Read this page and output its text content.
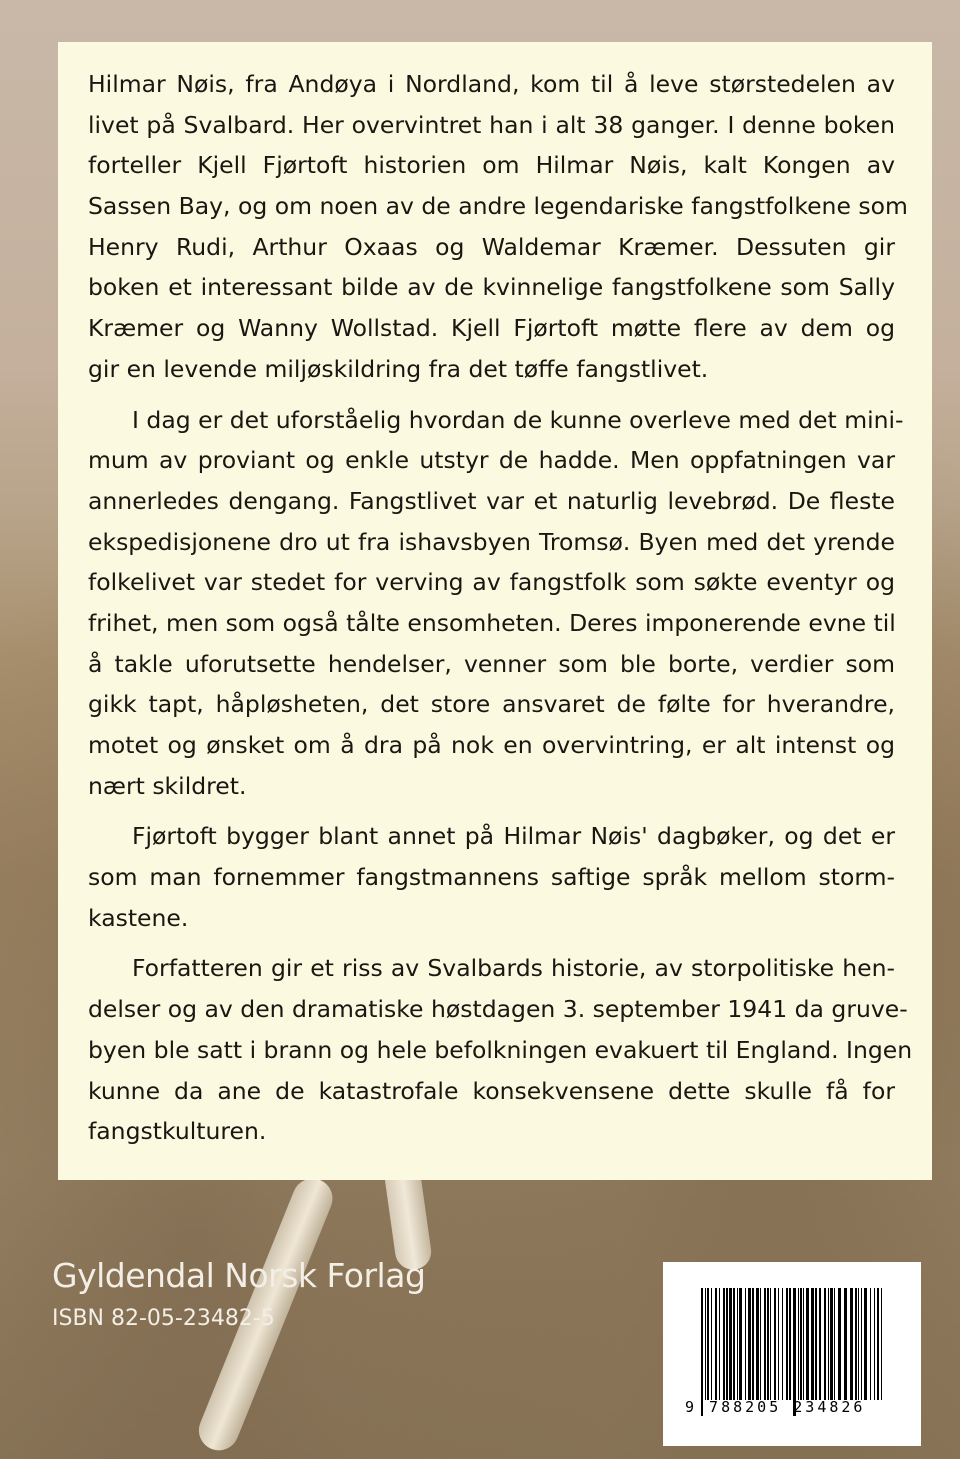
Hilmar Nøis, fra Andøya i Nordland, kom til å leve størstedelen av
livet på Svalbard. Her overvintret han i alt 38 ganger. I denne boken
forteller Kjell Fjørtoft historien om Hilmar Nøis, kalt Kongen av
Sassen Bay, og om noen av de andre legendariske fangstfolkene som
Henry Rudi, Arthur Oxaas og Waldemar Kræmer. Dessuten gir
boken et interessant bilde av de kvinnelige fangstfolkene som Sally
Kræmer og Wanny Wollstad. Kjell Fjørtoft møtte flere av dem og
gir en levende miljøskildring fra det tøffe fangstlivet.
I dag er det uforståelig hvordan de kunne overleve med det mini-
mum av proviant og enkle utstyr de hadde. Men oppfatningen var
annerledes dengang. Fangstlivet var et naturlig levebrød. De fleste
ekspedisjonene dro ut fra ishavsbyen Tromsø. Byen med det yrende
folkelivet var stedet for verving av fangstfolk som søkte eventyr og
frihet, men som også tålte ensomheten. Deres imponerende evne til
å takle uforutsette hendelser, venner som ble borte, verdier som
gikk tapt, håpløsheten, det store ansvaret de følte for hverandre,
motet og ønsket om å dra på nok en overvintring, er alt intenst og
nært skildret.
Fjørtoft bygger blant annet på Hilmar Nøis' dagbøker, og det er
som man fornemmer fangstmannens saftige språk mellom storm-
kastene.
Forfatteren gir et riss av Svalbards historie, av storpolitiske hen-
delser og av den dramatiske høstdagen 3. september 1941 da gruve-
byen ble satt i brann og hele befolkningen evakuert til England. Ingen
kunne da ane de katastrofale konsekvensene dette skulle få for
fangstkulturen.
Gyldendal Norsk Forlag
ISBN 82-05-23482-5
9 788205 234826
